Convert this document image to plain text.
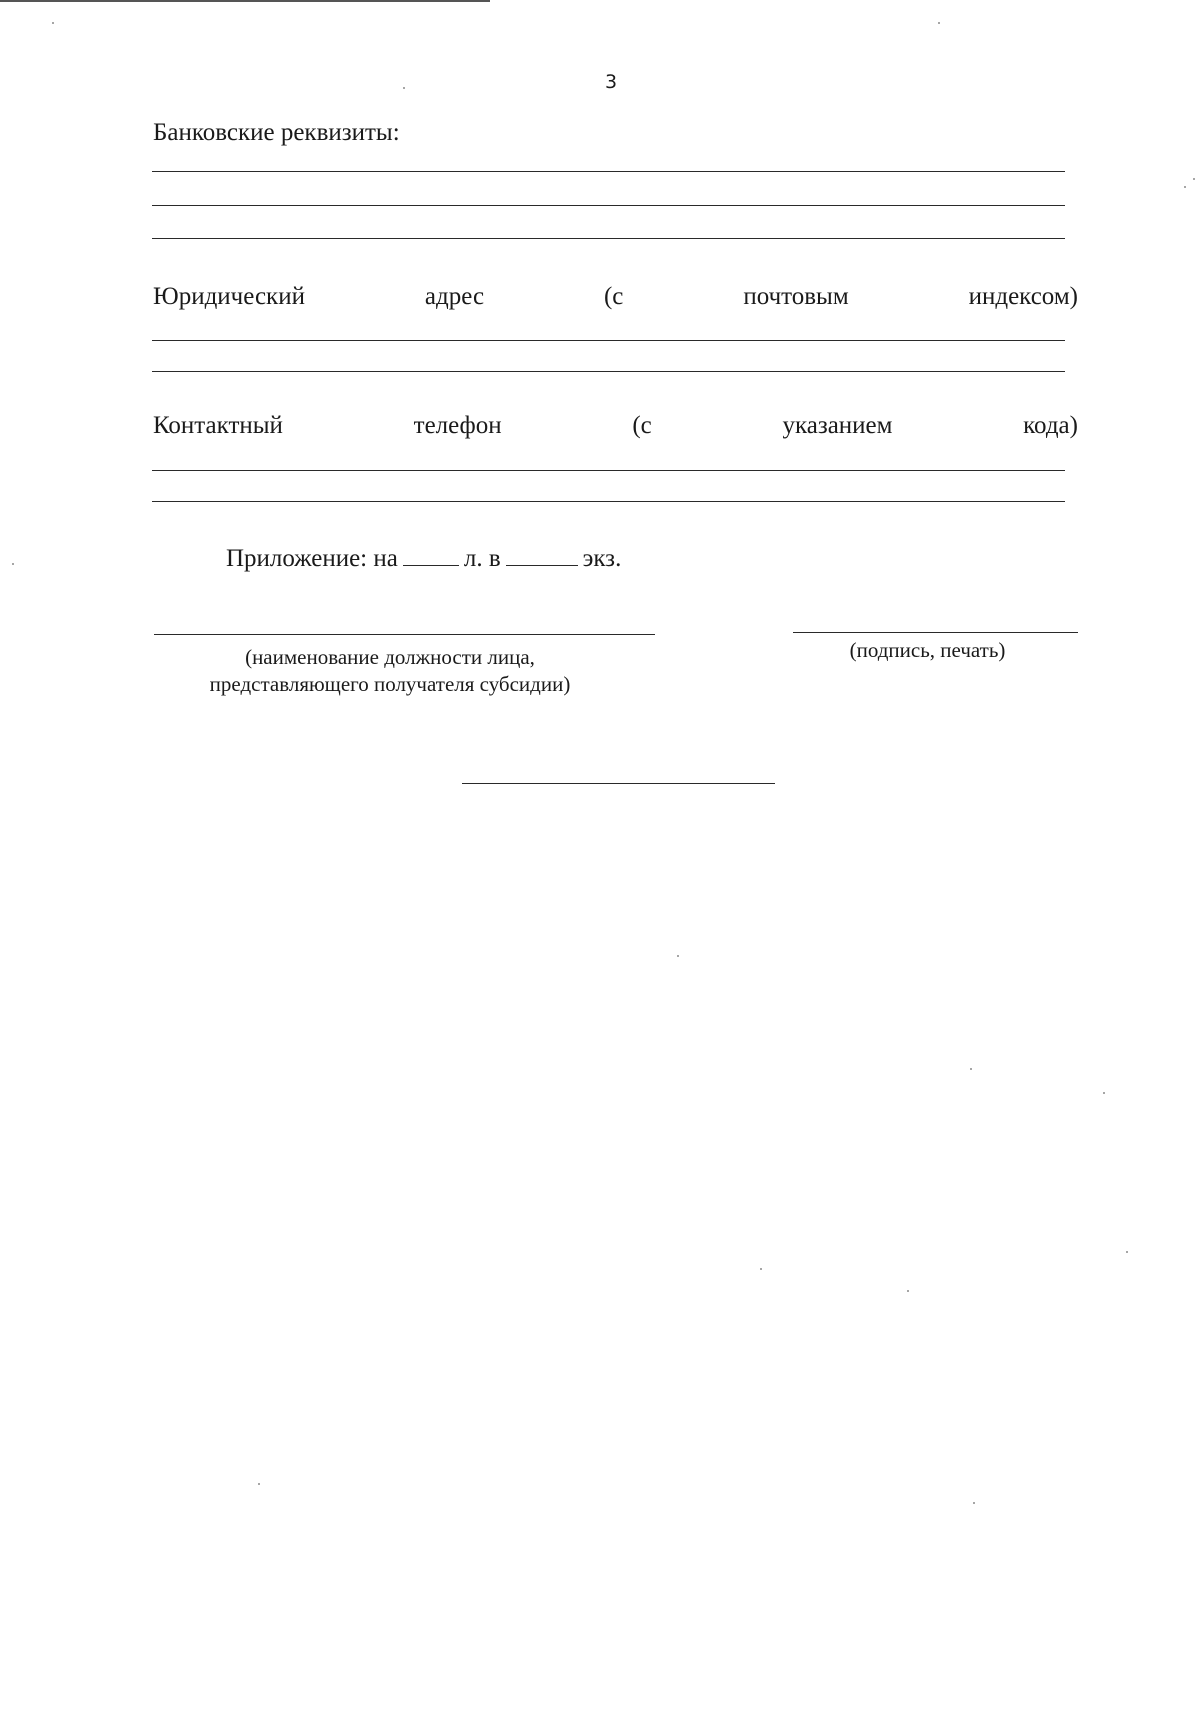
3
Банковские реквизиты:
Юридический	адрес	(с	почтовым	индексом)
Контактный	телефон	(с	указанием	кода)
Приложение: на	л. в	экз.
(наименование должности лица,
представляющего получателя субсидии)
(подпись, печать)
